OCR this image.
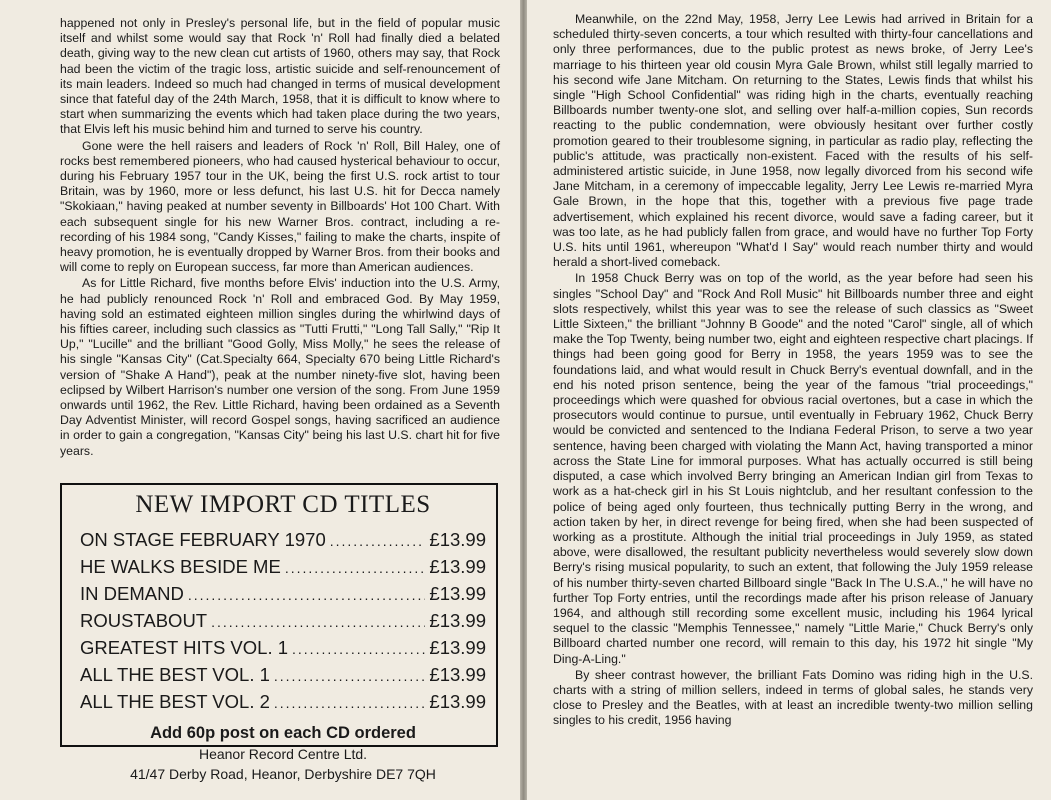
happened not only in Presley's personal life, but in the field of popular music itself and whilst some would say that Rock 'n' Roll had finally died a belated death, giving way to the new clean cut artists of 1960, others may say, that Rock had been the victim of the tragic loss, artistic suicide and self-renouncement of its main leaders. Indeed so much had changed in terms of musical development since that fateful day of the 24th March, 1958, that it is difficult to know where to start when summarizing the events which had taken place during the two years, that Elvis left his music behind him and turned to serve his country.

Gone were the hell raisers and leaders of Rock 'n' Roll, Bill Haley, one of rocks best remembered pioneers, who had caused hysterical behaviour to occur, during his February 1957 tour in the UK, being the first U.S. rock artist to tour Britain, was by 1960, more or less defunct, his last U.S. hit for Decca namely "Skokiaan," having peaked at number seventy in Billboards' Hot 100 Chart. With each subsequent single for his new Warner Bros. contract, including a re-recording of his 1984 song, "Candy Kisses," failing to make the charts, inspite of heavy promotion, he is eventually dropped by Warner Bros. from their books and will come to reply on European success, far more than American audiences.

As for Little Richard, five months before Elvis' induction into the U.S. Army, he had publicly renounced Rock 'n' Roll and embraced God. By May 1959, having sold an estimated eighteen million singles during the whirlwind days of his fifties career, including such classics as "Tutti Frutti," "Long Tall Sally," "Rip It Up," "Lucille" and the brilliant "Good Golly, Miss Molly," he sees the release of his single "Kansas City" (Cat.Specialty 664, Specialty 670 being Little Richard's version of "Shake A Hand"), peak at the number ninety-five slot, having been eclipsed by Wilbert Harrison's number one version of the song. From June 1959 onwards until 1962, the Rev. Little Richard, having been ordained as a Seventh Day Adventist Minister, will record Gospel songs, having sacrificed an audience in order to gain a congregation, "Kansas City" being his last U.S. chart hit for five years.

NEW IMPORT CD TITLES
ON STAGE FEBRUARY 1970 .....	£13.99
HE WALKS BESIDE ME .....	£13.99
IN DEMAND .....	£13.99
ROUSTABOUT .....	£13.99
GREATEST HITS VOL. 1 .....	£13.99
ALL THE BEST VOL. 1 .....	£13.99
ALL THE BEST VOL. 2 .....	£13.99
Add 60p post on each CD ordered
Heanor Record Centre Ltd.
41/47 Derby Road, Heanor, Derbyshire DE7 7QH

Meanwhile, on the 22nd May, 1958, Jerry Lee Lewis had arrived in Britain for a scheduled thirty-seven concerts, a tour which resulted with thirty-four cancellations and only three performances, due to the public protest as news broke, of Jerry Lee's marriage to his thirteen year old cousin Myra Gale Brown, whilst still legally married to his second wife Jane Mitcham. On returning to the States, Lewis finds that whilst his single "High School Confidential" was riding high in the charts, eventually reaching Billboards number twenty-one slot, and selling over half-a-million copies, Sun records reacting to the public condemnation, were obviously hesitant over further costly promotion geared to their troublesome signing, in particular as radio play, reflecting the public's attitude, was practically non-existent. Faced with the results of his self-administered artistic suicide, in June 1958, now legally divorced from his second wife Jane Mitcham, in a ceremony of impeccable legality, Jerry Lee Lewis re-married Myra Gale Brown, in the hope that this, together with a previous five page trade advertisement, which explained his recent divorce, would save a fading career, but it was too late, as he had publicly fallen from grace, and would have no further Top Forty U.S. hits until 1961, whereupon "What'd I Say" would reach number thirty and would herald a short-lived comeback.

In 1958 Chuck Berry was on top of the world, as the year before had seen his singles "School Day" and "Rock And Roll Music" hit Billboards number three and eight slots respectively, whilst this year was to see the release of such classics as "Sweet Little Sixteen," the brilliant "Johnny B Goode" and the noted "Carol" single, all of which make the Top Twenty, being number two, eight and eighteen respective chart placings. If things had been going good for Berry in 1958, the years 1959 was to see the foundations laid, and what would result in Chuck Berry's eventual downfall, and in the end his noted prison sentence, being the year of the famous "trial proceedings," proceedings which were quashed for obvious racial overtones, but a case in which the prosecutors would continue to pursue, until eventually in February 1962, Chuck Berry would be convicted and sentenced to the Indiana Federal Prison, to serve a two year sentence, having been charged with violating the Mann Act, having transported a minor across the State Line for immoral purposes. What has actually occurred is still being disputed, a case which involved Berry bringing an American Indian girl from Texas to work as a hat-check girl in his St Louis nightclub, and her resultant confession to the police of being aged only fourteen, thus technically putting Berry in the wrong, and action taken by her, in direct revenge for being fired, when she had been suspected of working as a prostitute. Although the initial trial proceedings in July 1959, as stated above, were disallowed, the resultant publicity nevertheless would severely slow down Berry's rising musical popularity, to such an extent, that following the July 1959 release of his number thirty-seven charted Billboard single "Back In The U.S.A.," he will have no further Top Forty entries, until the recordings made after his prison release of January 1964, and although still recording some excellent music, including his 1964 lyrical sequel to the classic "Memphis Tennessee," namely "Little Marie," Chuck Berry's only Billboard charted number one record, will remain to this day, his 1972 hit single "My Ding-A-Ling."

By sheer contrast however, the brilliant Fats Domino was riding high in the U.S. charts with a string of million sellers, indeed in terms of global sales, he stands very close to Presley and the Beatles, with at least an incredible twenty-two million selling singles to his credit, 1956 having
